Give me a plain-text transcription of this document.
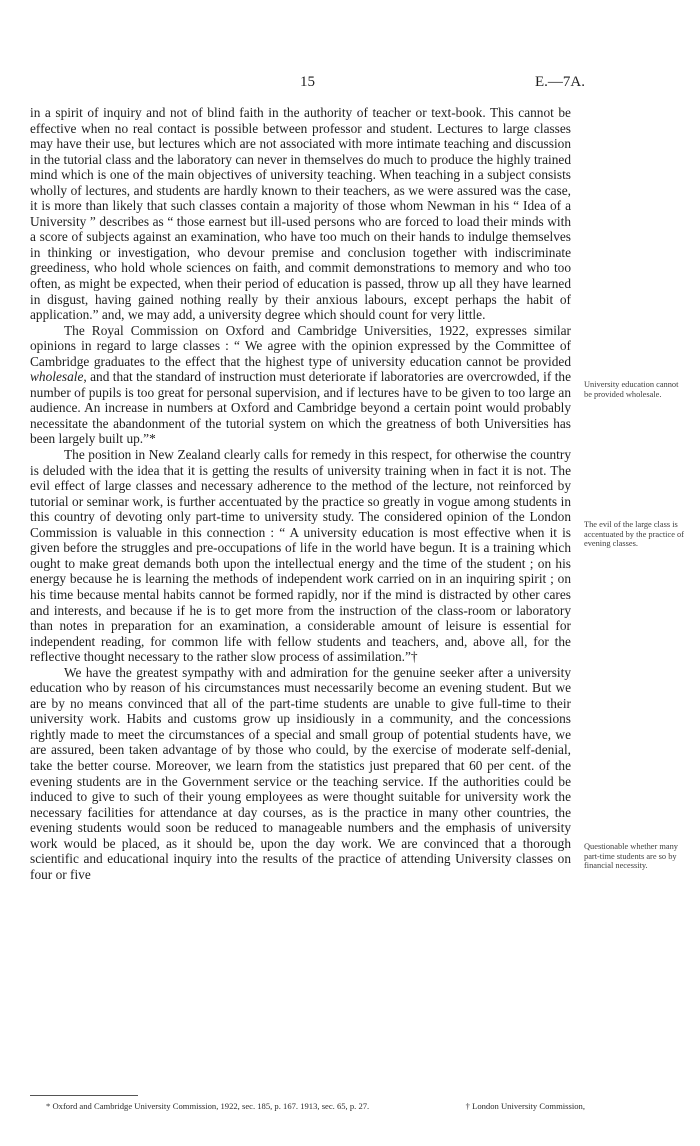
15	E.—7A.

in a spirit of inquiry and not of blind faith in the authority of teacher or text-book. This cannot be effective when no real contact is possible between professor and student. Lectures to large classes may have their use, but lectures which are not associated with more intimate teaching and discussion in the tutorial class and the laboratory can never in themselves do much to produce the highly trained mind which is one of the main objectives of university teaching. When teaching in a subject consists wholly of lectures, and students are hardly known to their teachers, as we were assured was the case, it is more than likely that such classes contain a majority of those whom Newman in his “ Idea of a University ” describes as “ those earnest but ill-used persons who are forced to load their minds with a score of subjects against an examination, who have too much on their hands to indulge themselves in thinking or investigation, who devour premise and conclusion together with indiscriminate greediness, who hold whole sciences on faith, and commit demonstrations to memory and who too often, as might be expected, when their period of education is passed, throw up all they have learned in disgust, having gained nothing really by their anxious labours, except perhaps the habit of application.” and, we may add, a university degree which should count for very little.

The Royal Commission on Oxford and Cambridge Universities, 1922, expresses similar opinions in regard to large classes : “ We agree with the opinion expressed by the Committee of Cambridge graduates to the effect that the highest type of university education cannot be provided wholesale, and that the standard of instruction must deteriorate if laboratories are overcrowded, if the number of pupils is too great for personal supervision, and if lectures have to be given to too large an audience. An increase in numbers at Oxford and Cambridge beyond a certain point would probably necessitate the abandonment of the tutorial system on which the greatness of both Universities has been largely built up.”*

The position in New Zealand clearly calls for remedy in this respect, for otherwise the country is deluded with the idea that it is getting the results of university training when in fact it is not. The evil effect of large classes and necessary adherence to the method of the lecture, not reinforced by tutorial or seminar work, is further accentuated by the practice so greatly in vogue among students in this country of devoting only part-time to university study. The considered opinion of the London Commission is valuable in this connection : “ A university education is most effective when it is given before the struggles and pre-occupations of life in the world have begun. It is a training which ought to make great demands both upon the intellectual energy and the time of the student ; on his energy because he is learning the methods of independent work carried on in an inquiring spirit ; on his time because mental habits cannot be formed rapidly, nor if the mind is distracted by other cares and interests, and because if he is to get more from the instruction of the class-room or laboratory than notes in preparation for an examination, a considerable amount of leisure is essential for independent reading, for common life with fellow students and teachers, and, above all, for the reflective thought necessary to the rather slow process of assimilation.”†

We have the greatest sympathy with and admiration for the genuine seeker after a university education who by reason of his circumstances must necessarily become an evening student. But we are by no means convinced that all of the part-time students are unable to give full-time to their university work. Habits and customs grow up insidiously in a community, and the concessions rightly made to meet the circumstances of a special and small group of potential students have, we are assured, been taken advantage of by those who could, by the exercise of moderate self-denial, take the better course. Moreover, we learn from the statistics just prepared that 60 per cent. of the evening students are in the Government service or the teaching service. If the authorities could be induced to give to such of their young employees as were thought suitable for university work the necessary facilities for attendance at day courses, as is the practice in many other countries, the evening students would soon be reduced to manageable numbers and the emphasis of university work would be placed, as it should be, upon the day work. We are convinced that a thorough scientific and educational inquiry into the results of the practice of attending University classes on four or five

University education cannot be provided wholesale.
The evil of the large class is accentuated by the practice of evening classes.
Questionable whether many part-time students are so by financial necessity.
* Oxford and Cambridge University Commission, 1922, sec. 185, p. 167. 1913, sec. 65, p. 27.	† London University Commission,
